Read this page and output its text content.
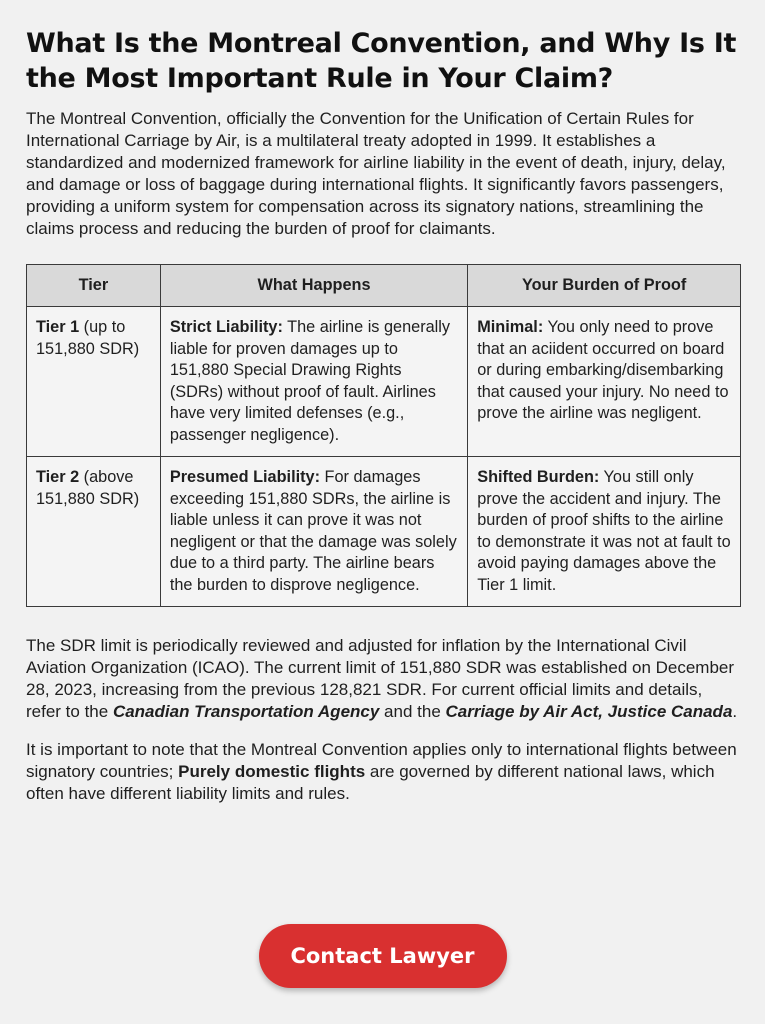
What Is the Montreal Convention, and Why Is It the Most Important Rule in Your Claim?

The Montreal Convention, officially the Convention for the Unification of Certain Rules for International Carriage by Air, is a multilateral treaty adopted in 1999. It establishes a standardized and modernized framework for airline liability in the event of death, injury, delay, and damage or loss of baggage during international flights. It significantly favors passengers, providing a uniform system for compensation across its signatory nations, streamlining the claims process and reducing the burden of proof for claimants.

Tier	What Happens	Your Burden of Proof
Tier 1 (up to 151,880 SDR)	Strict Liability: The airline is generally liable for proven damages up to 151,880 Special Drawing Rights (SDRs) without proof of fault. Airlines have very limited defenses (e.g., passenger negligence).	Minimal: You only need to prove that an aciident occurred on board or during embarking/disembarking that caused your injury. No need to prove the airline was negligent.
Tier 2 (above 151,880 SDR)	Presumed Liability: For damages exceeding 151,880 SDRs, the airline is liable unless it can prove it was not negligent or that the damage was solely due to a third party. The airline bears the burden to disprove negligence.	Shifted Burden: You still only prove the accident and injury. The burden of proof shifts to the airline to demonstrate it was not at fault to avoid paying damages above the Tier 1 limit.

The SDR limit is periodically reviewed and adjusted for inflation by the International Civil Aviation Organization (ICAO). The current limit of 151,880 SDR was established on December 28, 2023, increasing from the previous 128,821 SDR. For current official limits and details, refer to the Canadian Transportation Agency and the Carriage by Air Act, Justice Canada.

It is important to note that the Montreal Convention applies only to international flights between signatory countries; Purely domestic flights are governed by different national laws, which often have different liability limits and rules.

Contact Lawyer
